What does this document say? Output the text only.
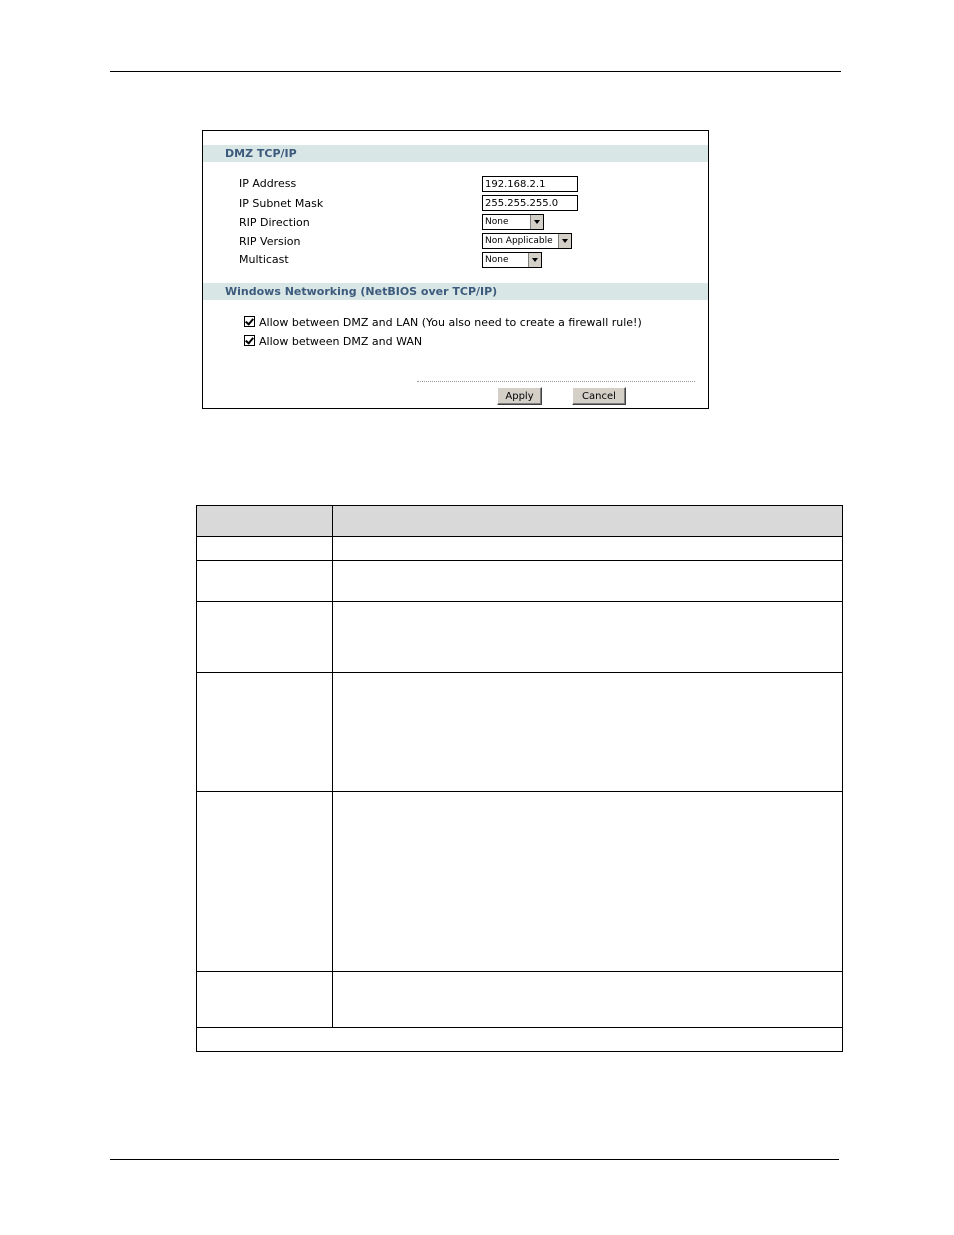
DMZ TCP/IP
IP Address
192.168.2.1
IP Subnet Mask
255.255.255.0
RIP Direction	None
RIP Version	Non Applicable
Multicast	None
Windows Networking (NetBIOS over TCP/IP)
Allow between DMZ and LAN (You also need to create a firewall rule!)
Allow between DMZ and WAN
Apply	Cancel
